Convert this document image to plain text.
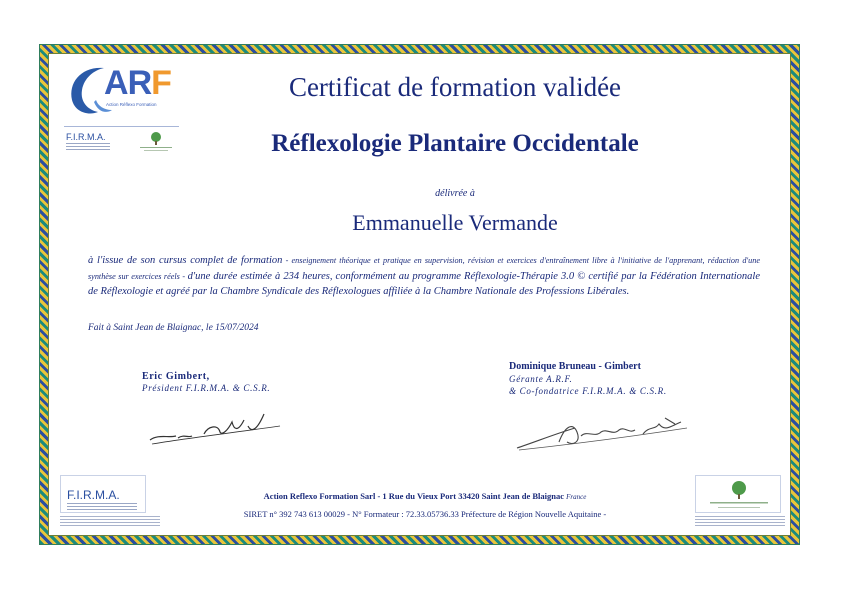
ARF
Action Réflexo Formation
F.I.R.M.A.
Certificat de formation validée
Réflexologie Plantaire Occidentale
délivrée à
Emmanuelle Vermande
à l'issue de son cursus complet de formation - enseignement théorique et pratique en supervision, révision et exercices d'entraînement libre à l'initiative de l'apprenant, rédaction d'une synthèse sur exercices réels - d'une durée estimée à 234 heures, conformément au programme Réflexologie-Thérapie 3.0 © certifié par la Fédération Internationale de Réflexologie et agréé par la Chambre Syndicale des Réflexologues affiliée à la Chambre Nationale des Professions Libérales.
Fait à Saint Jean de Blaignac, le 15/07/2024
Eric Gimbert,
Président F.I.R.M.A. & C.S.R.
Dominique Bruneau - Gimbert
Gérante A.R.F.
& Co-fondatrice F.I.R.M.A. & C.S.R.
F.I.R.M.A.	Action Reflexo Formation Sarl - 1 Rue du Vieux Port 33420 Saint Jean de Blaignac France
SIRET n° 392 743 613 00029 - N° Formateur : 72.33.05736.33 Préfecture de Région Nouvelle Aquitaine -
